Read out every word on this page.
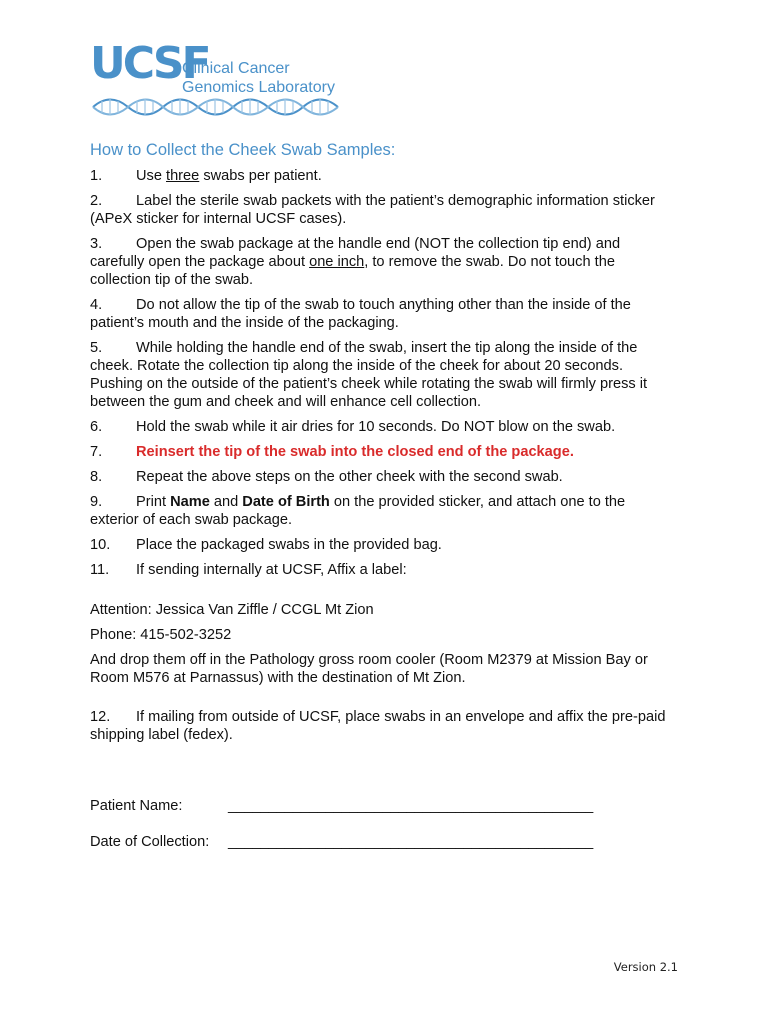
UCSF
Clinical Cancer
Genomics Laboratory
How to Collect the Cheek Swab Samples:
1. Use three swabs per patient.
2. Label the sterile swab packets with the patient’s demographic information sticker (APeX sticker for internal UCSF cases).
3. Open the swab package at the handle end (NOT the collection tip end) and carefully open the package about one inch, to remove the swab. Do not touch the collection tip of the swab.
4. Do not allow the tip of the swab to touch anything other than the inside of the patient’s mouth and the inside of the packaging.
5. While holding the handle end of the swab, insert the tip along the inside of the cheek. Rotate the collection tip along the inside of the cheek for about 20 seconds. Pushing on the outside of the patient’s cheek while rotating the swab will firmly press it between the gum and cheek and will enhance cell collection.
6. Hold the swab while it air dries for 10 seconds. Do NOT blow on the swab.
7. Reinsert the tip of the swab into the closed end of the package.
8. Repeat the above steps on the other cheek with the second swab.
9. Print Name and Date of Birth on the provided sticker, and attach one to the exterior of each swab package.
10. Place the packaged swabs in the provided bag.
11. If sending internally at UCSF, Affix a label:

Attention: Jessica Van Ziffle / CCGL Mt Zion

Phone: 415-502-3252

And drop them off in the Pathology gross room cooler (Room M2379 at Mission Bay or Room M576 at Parnassus) with the destination of Mt Zion.

12. If mailing from outside of UCSF, place swabs in an envelope and affix the pre-paid shipping label (fedex).
Patient Name:	_____________________________________________
Date of Collection: _____________________________________________
Version 2.1
